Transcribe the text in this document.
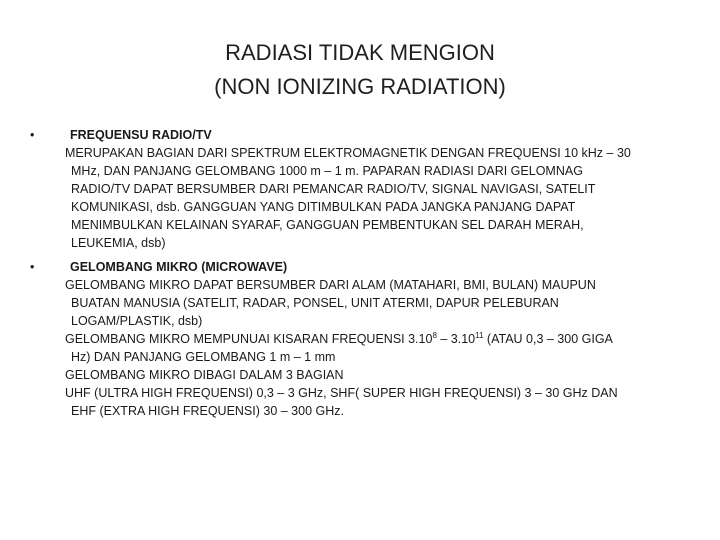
RADIASI TIDAK MENGION
(NON IONIZING RADIATION)
•	FREQUENSU RADIO/TV
MERUPAKAN BAGIAN DARI SPEKTRUM ELEKTROMAGNETIK DENGAN FREQUENSI 10 kHz – 30
MHz, DAN PANJANG GELOMBANG 1000 m – 1 m. PAPARAN RADIASI DARI GELOMNAG
RADIO/TV DAPAT BERSUMBER DARI PEMANCAR RADIO/TV, SIGNAL NAVIGASI, SATELIT
KOMUNIKASI, dsb. GANGGUAN YANG DITIMBULKAN PADA JANGKA PANJANG DAPAT
MENIMBULKAN KELAINAN SYARAF, GANGGUAN PEMBENTUKAN SEL DARAH MERAH,
LEUKEMIA, dsb)
•	GELOMBANG MIKRO (MICROWAVE)
GELOMBANG MIKRO DAPAT BERSUMBER DARI ALAM (MATAHARI, BMI, BULAN) MAUPUN
BUATAN MANUSIA (SATELIT, RADAR, PONSEL, UNIT ATERMI, DAPUR PELEBURAN
LOGAM/PLASTIK, dsb)
GELOMBANG MIKRO MEMPUNUAI KISARAN FREQUENSI 3.10$^8$ – 3.10$^{11}$ (ATAU 0,3 – 300 GIGA
Hz) DAN PANJANG GELOMBANG 1 m – 1 mm
GELOMBANG MIKRO DIBAGI DALAM 3 BAGIAN
UHF (ULTRA HIGH FREQUENSI) 0,3 – 3 GHz, SHF( SUPER HIGH FREQUENSI) 3 – 30 GHz DAN
EHF (EXTRA HIGH FREQUENSI) 30 – 300 GHz.
